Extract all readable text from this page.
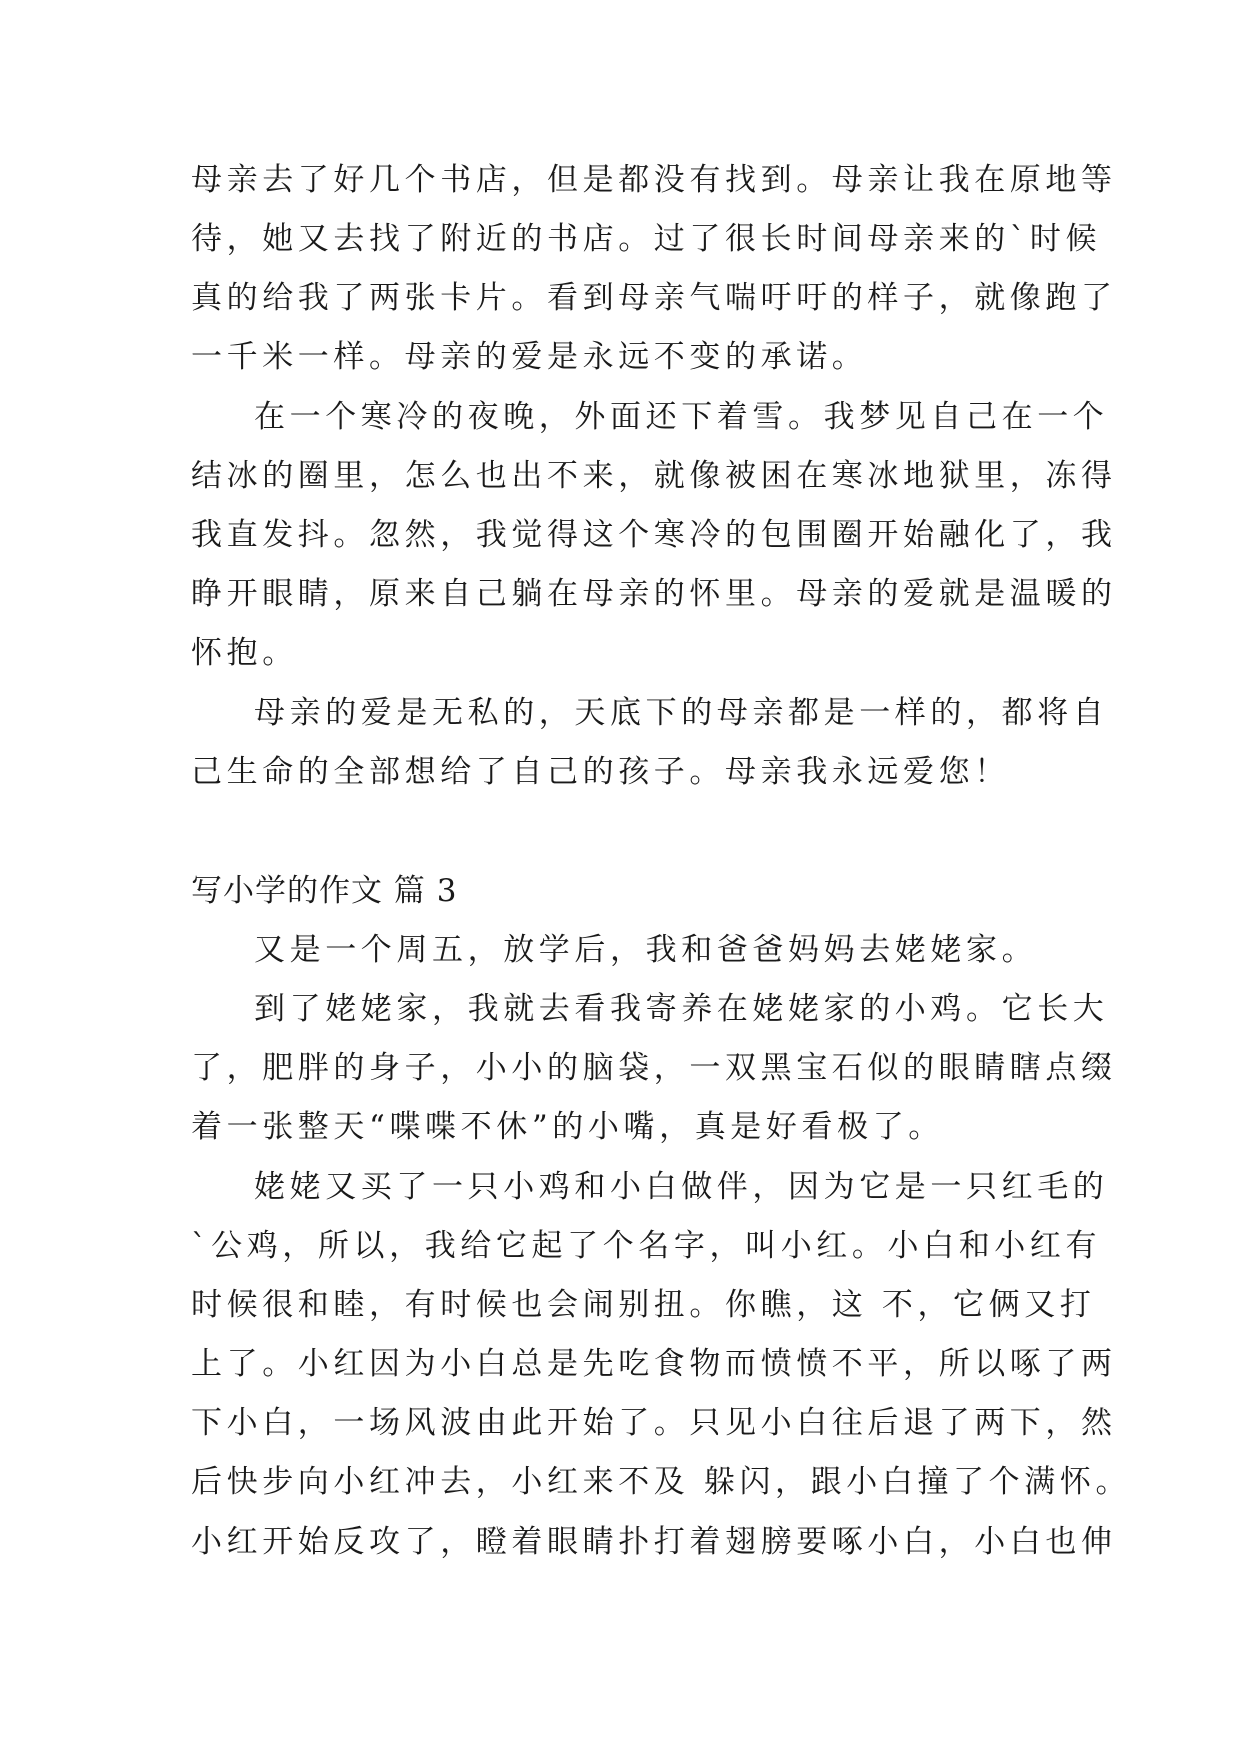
母亲去了好几个书店，但是都没有找到。母亲让我在原地等

待，她又去找了附近的书店。过了很长时间母亲来的`时候

真的给我了两张卡片。看到母亲气喘吁吁的样子，就像跑了

一千米一样。母亲的爱是永远不变的承诺。

在一个寒冷的夜晚，外面还下着雪。我梦见自己在一个

结冰的圈里，怎么也出不来，就像被困在寒冰地狱里，冻得

我直发抖。忽然，我觉得这个寒冷的包围圈开始融化了，我

睁开眼睛，原来自己躺在母亲的怀里。母亲的爱就是温暖的

怀抱。

母亲的爱是无私的，天底下的母亲都是一样的，都将自

己生命的全部想给了自己的孩子。母亲我永远爱您！

写小学的作文 篇 3

又是一个周五，放学后，我和爸爸妈妈去姥姥家。

到了姥姥家，我就去看我寄养在姥姥家的小鸡。它长大

了，肥胖的身子，小小的脑袋，一双黑宝石似的眼睛瞎点缀

着一张整天“喋喋不休”的小嘴，真是好看极了。

姥姥又买了一只小鸡和小白做伴，因为它是一只红毛的

`公鸡，所以，我给它起了个名字，叫小红。小白和小红有

时候很和睦，有时候也会闹别扭。你瞧，这 不，它俩又打

上了。小红因为小白总是先吃食物而愤愤不平，所以啄了两

下小白，一场风波由此开始了。只见小白往后退了两下，然

后快步向小红冲去，小红来不及 躲闪，跟小白撞了个满怀。

小红开始反攻了，瞪着眼睛扑打着翅膀要啄小白，小白也伸
